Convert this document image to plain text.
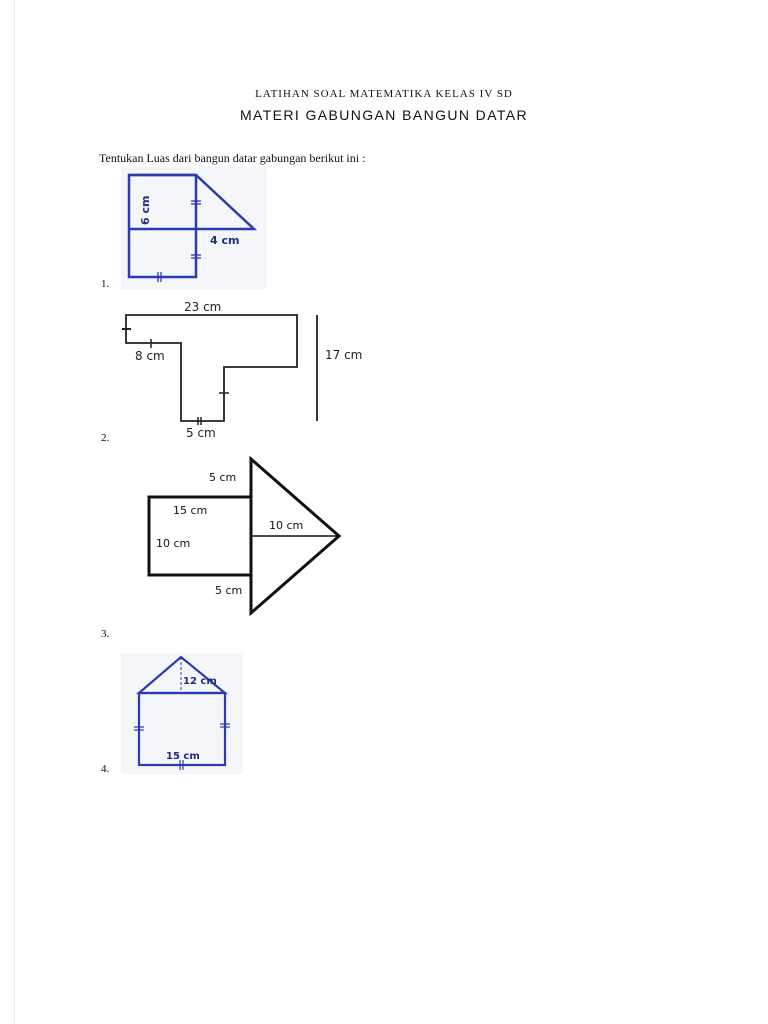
LATIHAN SOAL MATEMATIKA KELAS IV SD
MATERI GABUNGAN BANGUN DATAR
Tentukan Luas dari bangun datar gabungan berikut ini :
1.
6 cm
4 cm
2.
23 cm
8 cm	17 cm
5 cm
3.
5 cm
15 cm
10 cm
10 cm
5 cm
4.
12 cm
15 cm
